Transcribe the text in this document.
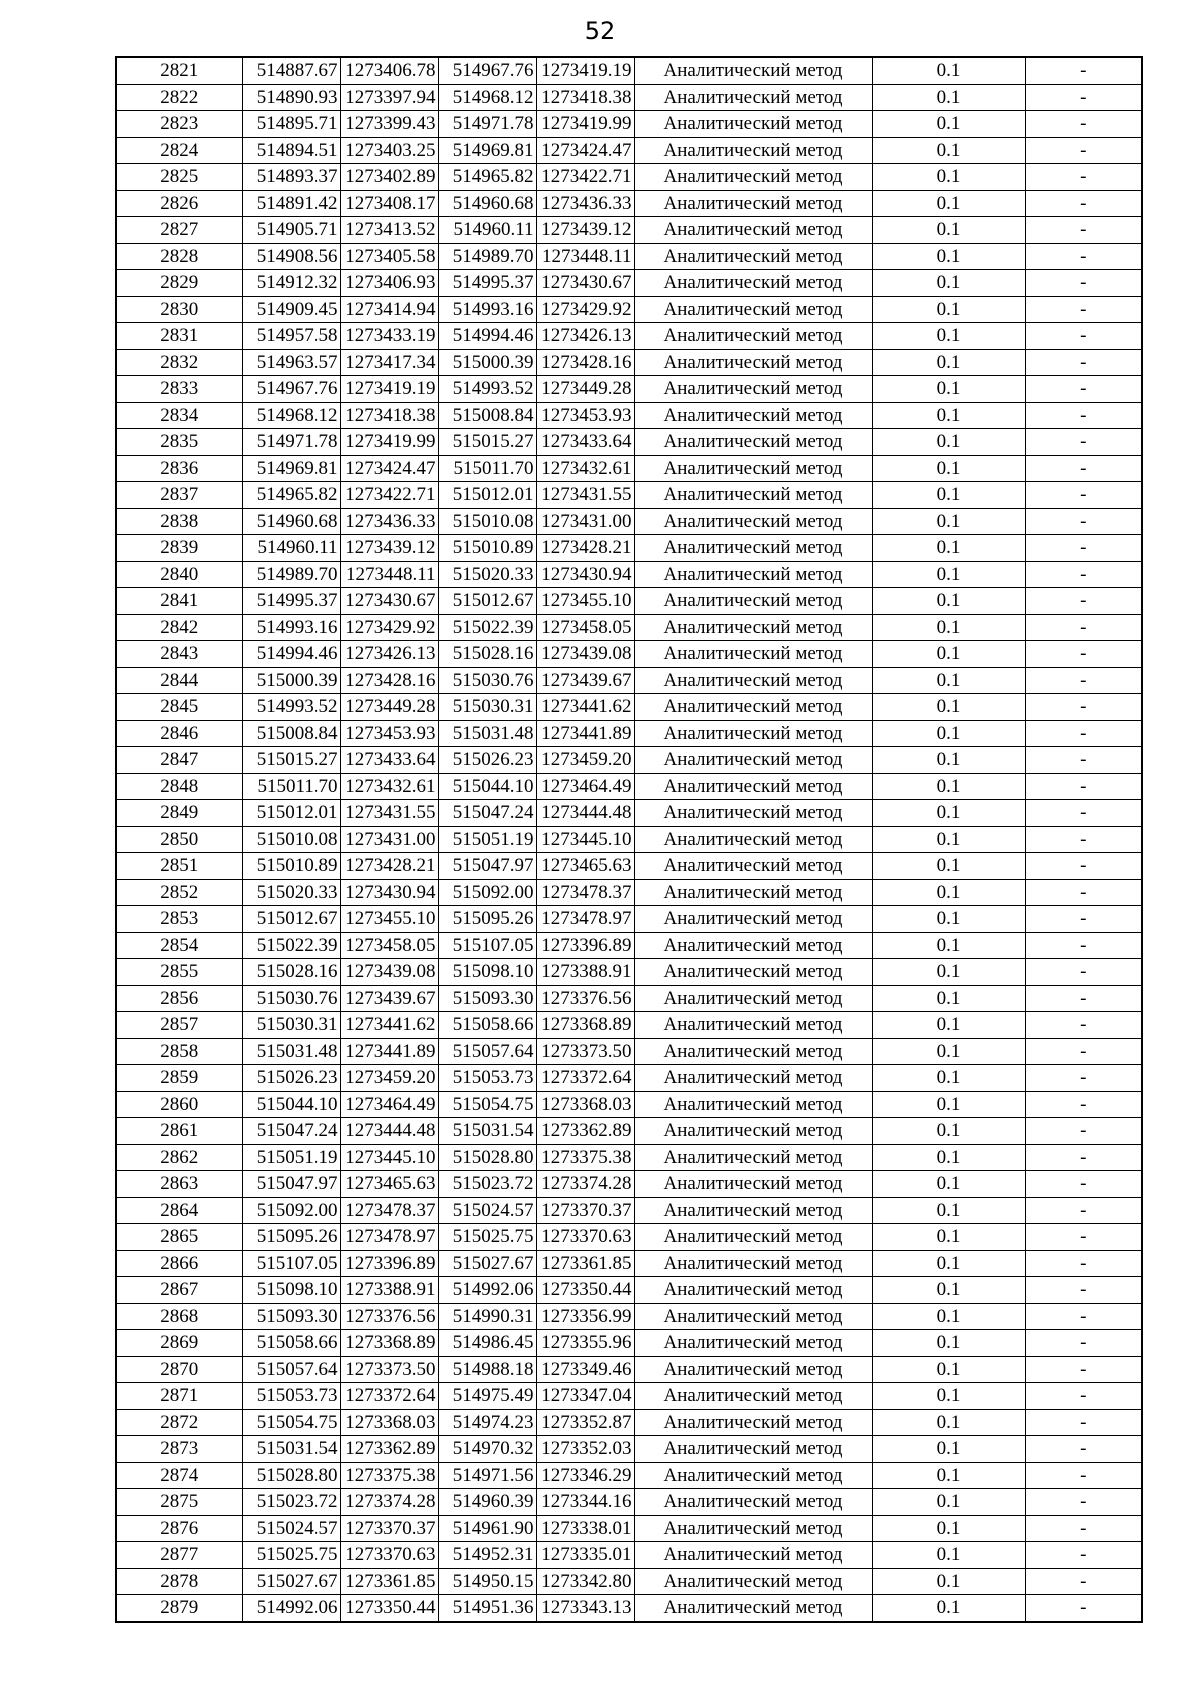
52
2821	514887.67	1273406.78	514967.76	1273419.19	Аналитический метод	0.1	-
2822	514890.93	1273397.94	514968.12	1273418.38	Аналитический метод	0.1	-
2823	514895.71	1273399.43	514971.78	1273419.99	Аналитический метод	0.1	-
2824	514894.51	1273403.25	514969.81	1273424.47	Аналитический метод	0.1	-
2825	514893.37	1273402.89	514965.82	1273422.71	Аналитический метод	0.1	-
2826	514891.42	1273408.17	514960.68	1273436.33	Аналитический метод	0.1	-
2827	514905.71	1273413.52	514960.11	1273439.12	Аналитический метод	0.1	-
2828	514908.56	1273405.58	514989.70	1273448.11	Аналитический метод	0.1	-
2829	514912.32	1273406.93	514995.37	1273430.67	Аналитический метод	0.1	-
2830	514909.45	1273414.94	514993.16	1273429.92	Аналитический метод	0.1	-
2831	514957.58	1273433.19	514994.46	1273426.13	Аналитический метод	0.1	-
2832	514963.57	1273417.34	515000.39	1273428.16	Аналитический метод	0.1	-
2833	514967.76	1273419.19	514993.52	1273449.28	Аналитический метод	0.1	-
2834	514968.12	1273418.38	515008.84	1273453.93	Аналитический метод	0.1	-
2835	514971.78	1273419.99	515015.27	1273433.64	Аналитический метод	0.1	-
2836	514969.81	1273424.47	515011.70	1273432.61	Аналитический метод	0.1	-
2837	514965.82	1273422.71	515012.01	1273431.55	Аналитический метод	0.1	-
2838	514960.68	1273436.33	515010.08	1273431.00	Аналитический метод	0.1	-
2839	514960.11	1273439.12	515010.89	1273428.21	Аналитический метод	0.1	-
2840	514989.70	1273448.11	515020.33	1273430.94	Аналитический метод	0.1	-
2841	514995.37	1273430.67	515012.67	1273455.10	Аналитический метод	0.1	-
2842	514993.16	1273429.92	515022.39	1273458.05	Аналитический метод	0.1	-
2843	514994.46	1273426.13	515028.16	1273439.08	Аналитический метод	0.1	-
2844	515000.39	1273428.16	515030.76	1273439.67	Аналитический метод	0.1	-
2845	514993.52	1273449.28	515030.31	1273441.62	Аналитический метод	0.1	-
2846	515008.84	1273453.93	515031.48	1273441.89	Аналитический метод	0.1	-
2847	515015.27	1273433.64	515026.23	1273459.20	Аналитический метод	0.1	-
2848	515011.70	1273432.61	515044.10	1273464.49	Аналитический метод	0.1	-
2849	515012.01	1273431.55	515047.24	1273444.48	Аналитический метод	0.1	-
2850	515010.08	1273431.00	515051.19	1273445.10	Аналитический метод	0.1	-
2851	515010.89	1273428.21	515047.97	1273465.63	Аналитический метод	0.1	-
2852	515020.33	1273430.94	515092.00	1273478.37	Аналитический метод	0.1	-
2853	515012.67	1273455.10	515095.26	1273478.97	Аналитический метод	0.1	-
2854	515022.39	1273458.05	515107.05	1273396.89	Аналитический метод	0.1	-
2855	515028.16	1273439.08	515098.10	1273388.91	Аналитический метод	0.1	-
2856	515030.76	1273439.67	515093.30	1273376.56	Аналитический метод	0.1	-
2857	515030.31	1273441.62	515058.66	1273368.89	Аналитический метод	0.1	-
2858	515031.48	1273441.89	515057.64	1273373.50	Аналитический метод	0.1	-
2859	515026.23	1273459.20	515053.73	1273372.64	Аналитический метод	0.1	-
2860	515044.10	1273464.49	515054.75	1273368.03	Аналитический метод	0.1	-
2861	515047.24	1273444.48	515031.54	1273362.89	Аналитический метод	0.1	-
2862	515051.19	1273445.10	515028.80	1273375.38	Аналитический метод	0.1	-
2863	515047.97	1273465.63	515023.72	1273374.28	Аналитический метод	0.1	-
2864	515092.00	1273478.37	515024.57	1273370.37	Аналитический метод	0.1	-
2865	515095.26	1273478.97	515025.75	1273370.63	Аналитический метод	0.1	-
2866	515107.05	1273396.89	515027.67	1273361.85	Аналитический метод	0.1	-
2867	515098.10	1273388.91	514992.06	1273350.44	Аналитический метод	0.1	-
2868	515093.30	1273376.56	514990.31	1273356.99	Аналитический метод	0.1	-
2869	515058.66	1273368.89	514986.45	1273355.96	Аналитический метод	0.1	-
2870	515057.64	1273373.50	514988.18	1273349.46	Аналитический метод	0.1	-
2871	515053.73	1273372.64	514975.49	1273347.04	Аналитический метод	0.1	-
2872	515054.75	1273368.03	514974.23	1273352.87	Аналитический метод	0.1	-
2873	515031.54	1273362.89	514970.32	1273352.03	Аналитический метод	0.1	-
2874	515028.80	1273375.38	514971.56	1273346.29	Аналитический метод	0.1	-
2875	515023.72	1273374.28	514960.39	1273344.16	Аналитический метод	0.1	-
2876	515024.57	1273370.37	514961.90	1273338.01	Аналитический метод	0.1	-
2877	515025.75	1273370.63	514952.31	1273335.01	Аналитический метод	0.1	-
2878	515027.67	1273361.85	514950.15	1273342.80	Аналитический метод	0.1	-
2879	514992.06	1273350.44	514951.36	1273343.13	Аналитический метод	0.1	-
